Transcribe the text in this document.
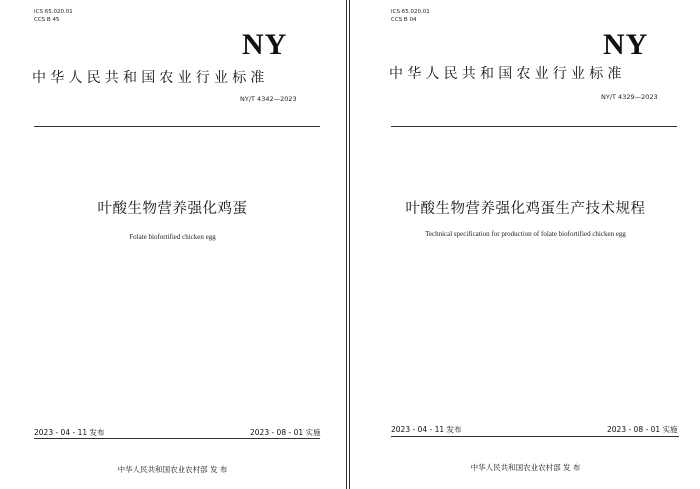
ICS 65.020.01
CCS B 45
NY
中华人民共和国农业行业标准
NY/T 4342—2023
叶酸生物营养强化鸡蛋
Folate biofortified chicken egg
2023 - 04 - 11 发布	2023 - 08 - 01 实施
中华人民共和国农业农村部 发 布
ICS 65.020.01
CCS B 04
NY
中华人民共和国农业行业标准
NY/T 4329—2023
叶酸生物营养强化鸡蛋生产技术规程
Technical specification for production of folate biofortified chicken egg
2023 - 04 - 11 发布	2023 - 08 - 01 实施
中华人民共和国农业农村部 发 布
